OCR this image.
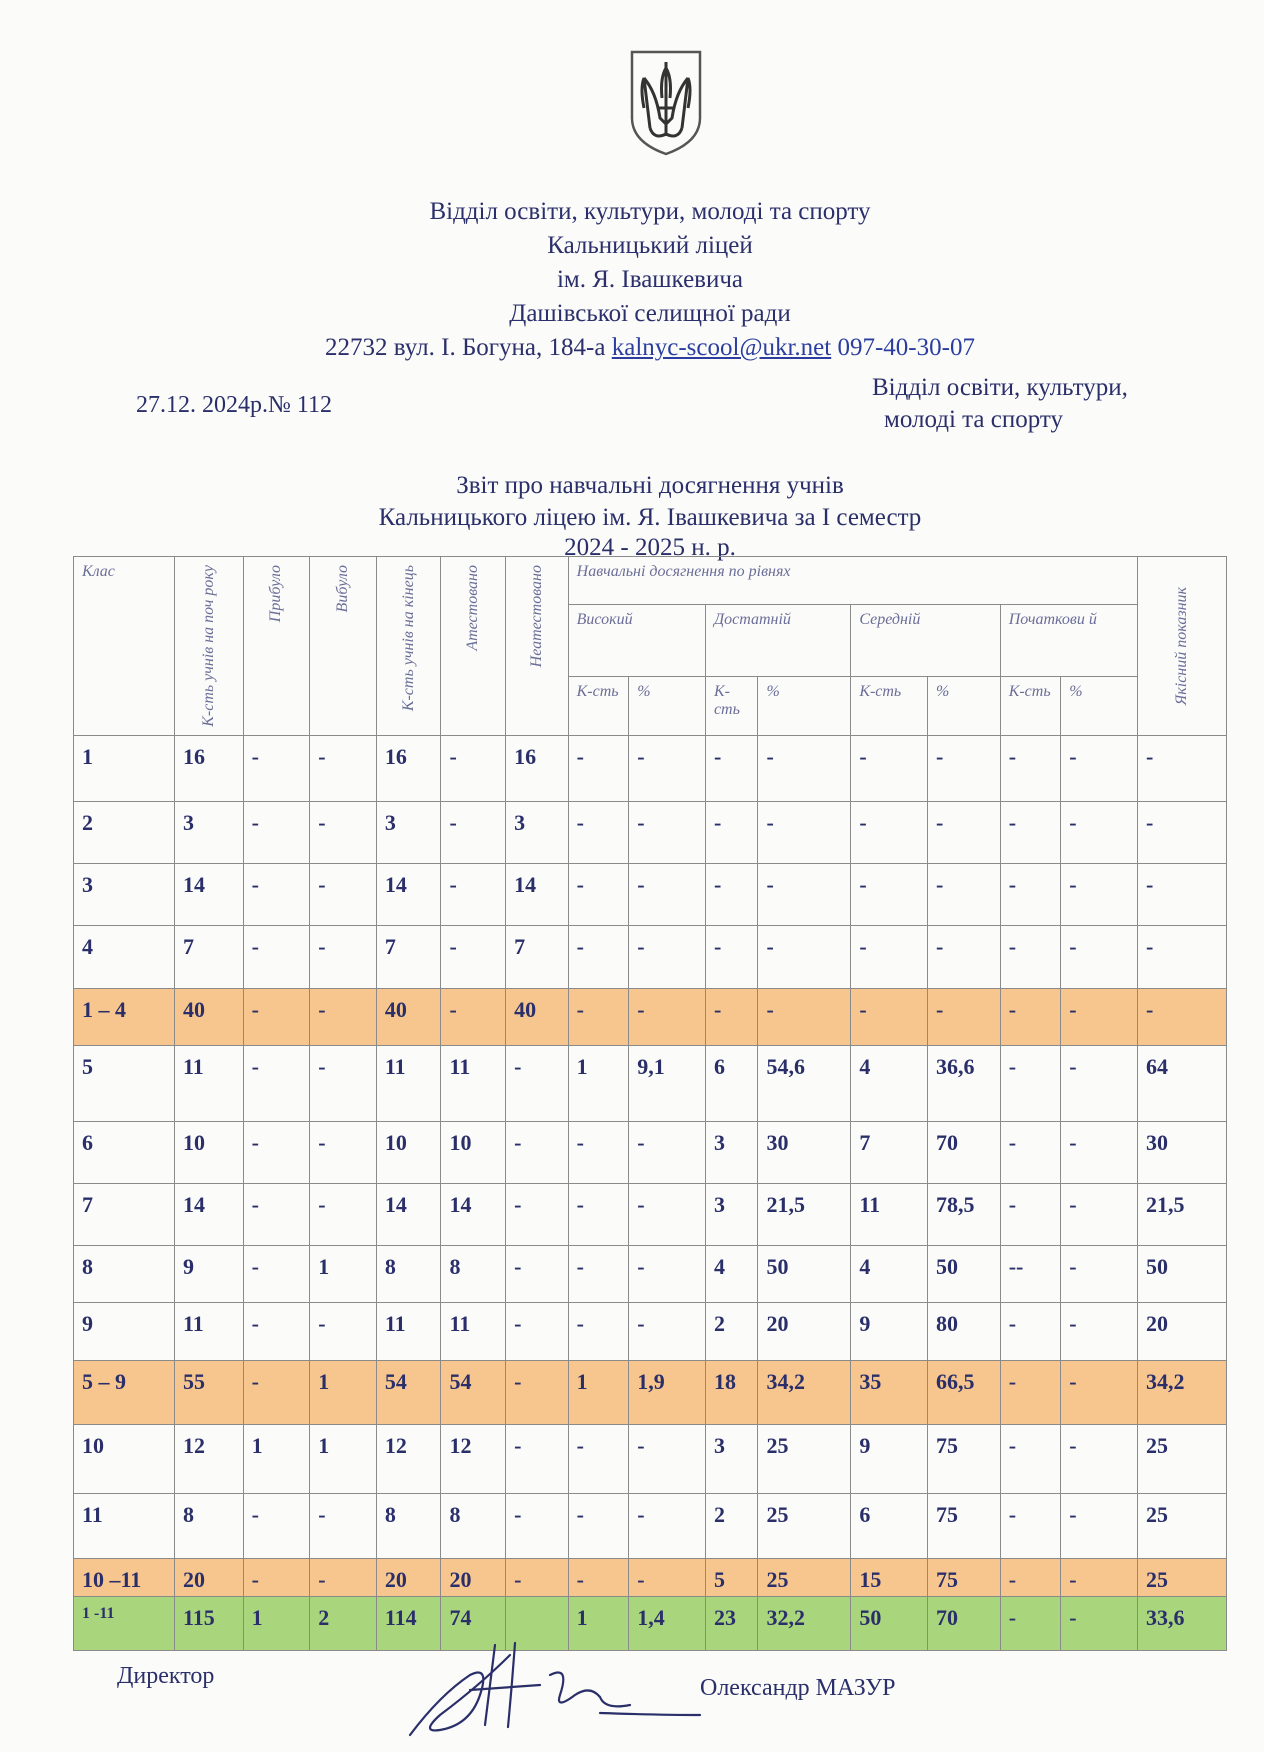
Відділ освіти, культури, молоді та спорту
Кальницький ліцей
ім. Я. Івашкевича
Дашівської селищної ради
22732 вул. І. Богуна, 184-а kalnyc-scool@ukr.net 097-40-30-07
27.12. 2024р.№ 112
Відділ освіти, культури,
молоді та спорту
Звіт про навчальні досягнення учнів
Кальницького ліцею ім. Я. Івашкевича за І семестр
2024 - 2025 н. р.
Клас	К-сть учнів на поч року	Прибуло	Вибуло	К-сть учнів на кінець	Атестовано	Неатестовано	Навчальні досягнення по рівнях								Якісний показник

							Високий		Достатній		Середній		Початкови й		

							К-сть	%	К-сть	%	К-сть	%	К-сть	%	

1	16	-	-	16	-	16	-	-	-	-	-	-	-	-	-
2	3	-	-	3	-	3	-	-	-	-	-	-	-	-	-
3	14	-	-	14	-	14	-	-	-	-	-	-	-	-	-
4	7	-	-	7	-	7	-	-	-	-	-	-	-	-	-
1 – 4	40	-	-	40	-	40	-	-	-	-	-	-	-	-	-
5	11	-	-	11	11	-	1	9,1	6	54,6	4	36,6	-	-	64
6	10	-	-	10	10	-	-	-	3	30	7	70	-	-	30
7	14	-	-	14	14	-	-	-	3	21,5	11	78,5	-	-	21,5
8	9	-	1	8	8	-	-	-	4	50	4	50	--	-	50
9	11	-	-	11	11	-	-	-	2	20	9	80	-	-	20
5 – 9	55	-	1	54	54	-	1	1,9	18	34,2	35	66,5	-	-	34,2
10	12	1	1	12	12	-	-	-	3	25	9	75	-	-	25
11	8	-	-	8	8	-	-	-	2	25	6	75	-	-	25
10 –11	20	-	-	20	20	-	-	-	5	25	15	75	-	-	25
1 -11	115	1	2	114	74		1	1,4	23	32,2	50	70	-	-	33,6
Директор	Олександр МАЗУР
